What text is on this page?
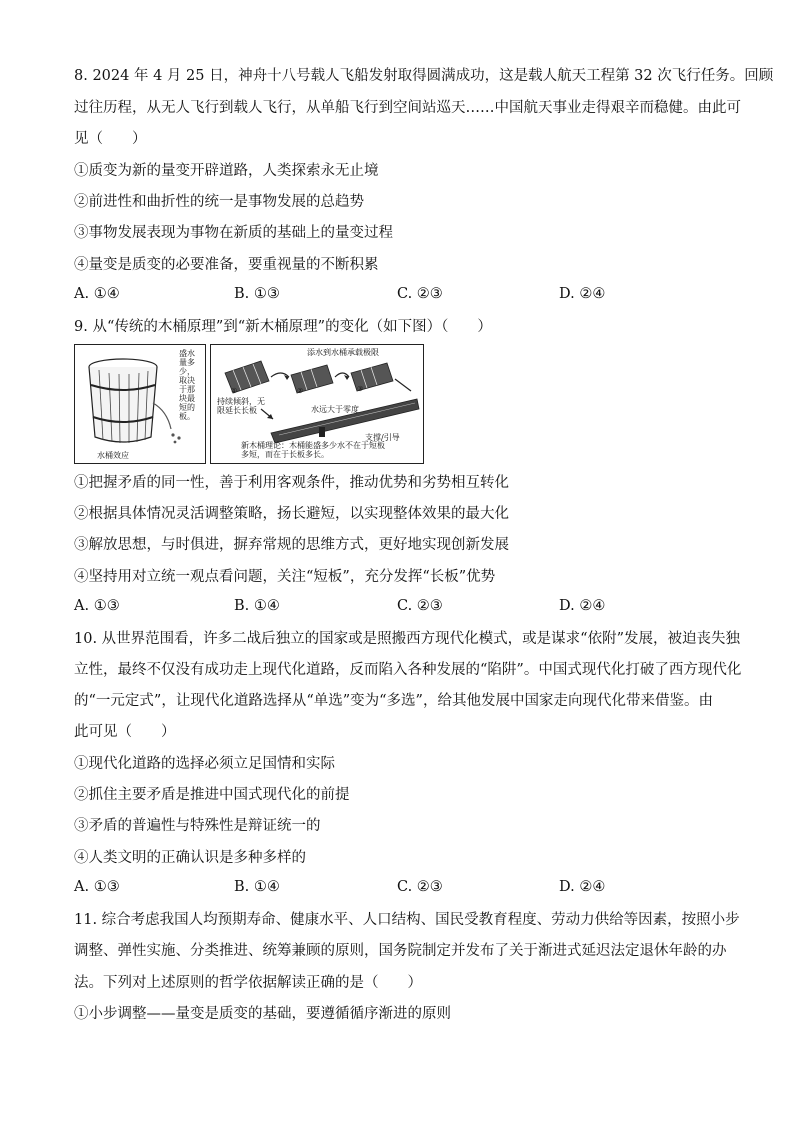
8. 2024 年 4 月 25 日，神舟十八号载人飞船发射取得圆满成功，这是载人航天工程第 32 次飞行任务。回顾
过往历程，从无人飞行到载人飞行，从单船飞行到空间站巡天……中国航天事业走得艰辛而稳健。由此可
见（　　）
①质变为新的量变开辟道路，人类探索永无止境
②前进性和曲折性的统一是事物发展的总趋势
③事物发展表现为事物在新质的基础上的量变过程
④量变是质变的必要准备，要重视量的不断积累
A. ①④	B. ①③	C. ②③	D. ②④
9. 从“传统的木桶原理”到“新木桶原理”的变化（如下图）（　　）
水桶效应
盛水量多少，取决于那块最短的板。
添水到水桶承载极限
①	②	③
持续倾斜，无限延长长板	水远大于零度
支撑/引导
新木桶理论：木桶能盛多少水不在于短板多短，而在于长板多长。
①把握矛盾的同一性，善于利用客观条件，推动优势和劣势相互转化
②根据具体情况灵活调整策略，扬长避短，以实现整体效果的最大化
③解放思想，与时俱进，摒弃常规的思维方式，更好地实现创新发展
④坚持用对立统一观点看问题，关注“短板”，充分发挥“长板”优势
A. ①③	B. ①④	C. ②③	D. ②④
10. 从世界范围看，许多二战后独立的国家或是照搬西方现代化模式，或是谋求“依附”发展，被迫丧失独
立性，最终不仅没有成功走上现代化道路，反而陷入各种发展的“陷阱”。中国式现代化打破了西方现代化
的“一元定式”，让现代化道路选择从“单选”变为“多选”，给其他发展中国家走向现代化带来借鉴。由
此可见（　　）
①现代化道路的选择必须立足国情和实际
②抓住主要矛盾是推进中国式现代化的前提
③矛盾的普遍性与特殊性是辩证统一的
④人类文明的正确认识是多种多样的
A. ①③	B. ①④	C. ②③	D. ②④
11. 综合考虑我国人均预期寿命、健康水平、人口结构、国民受教育程度、劳动力供给等因素，按照小步
调整、弹性实施、分类推进、统筹兼顾的原则，国务院制定并发布了关于渐进式延迟法定退休年龄的办
法。下列对上述原则的哲学依据解读正确的是（　　）
①小步调整——量变是质变的基础，要遵循循序渐进的原则
